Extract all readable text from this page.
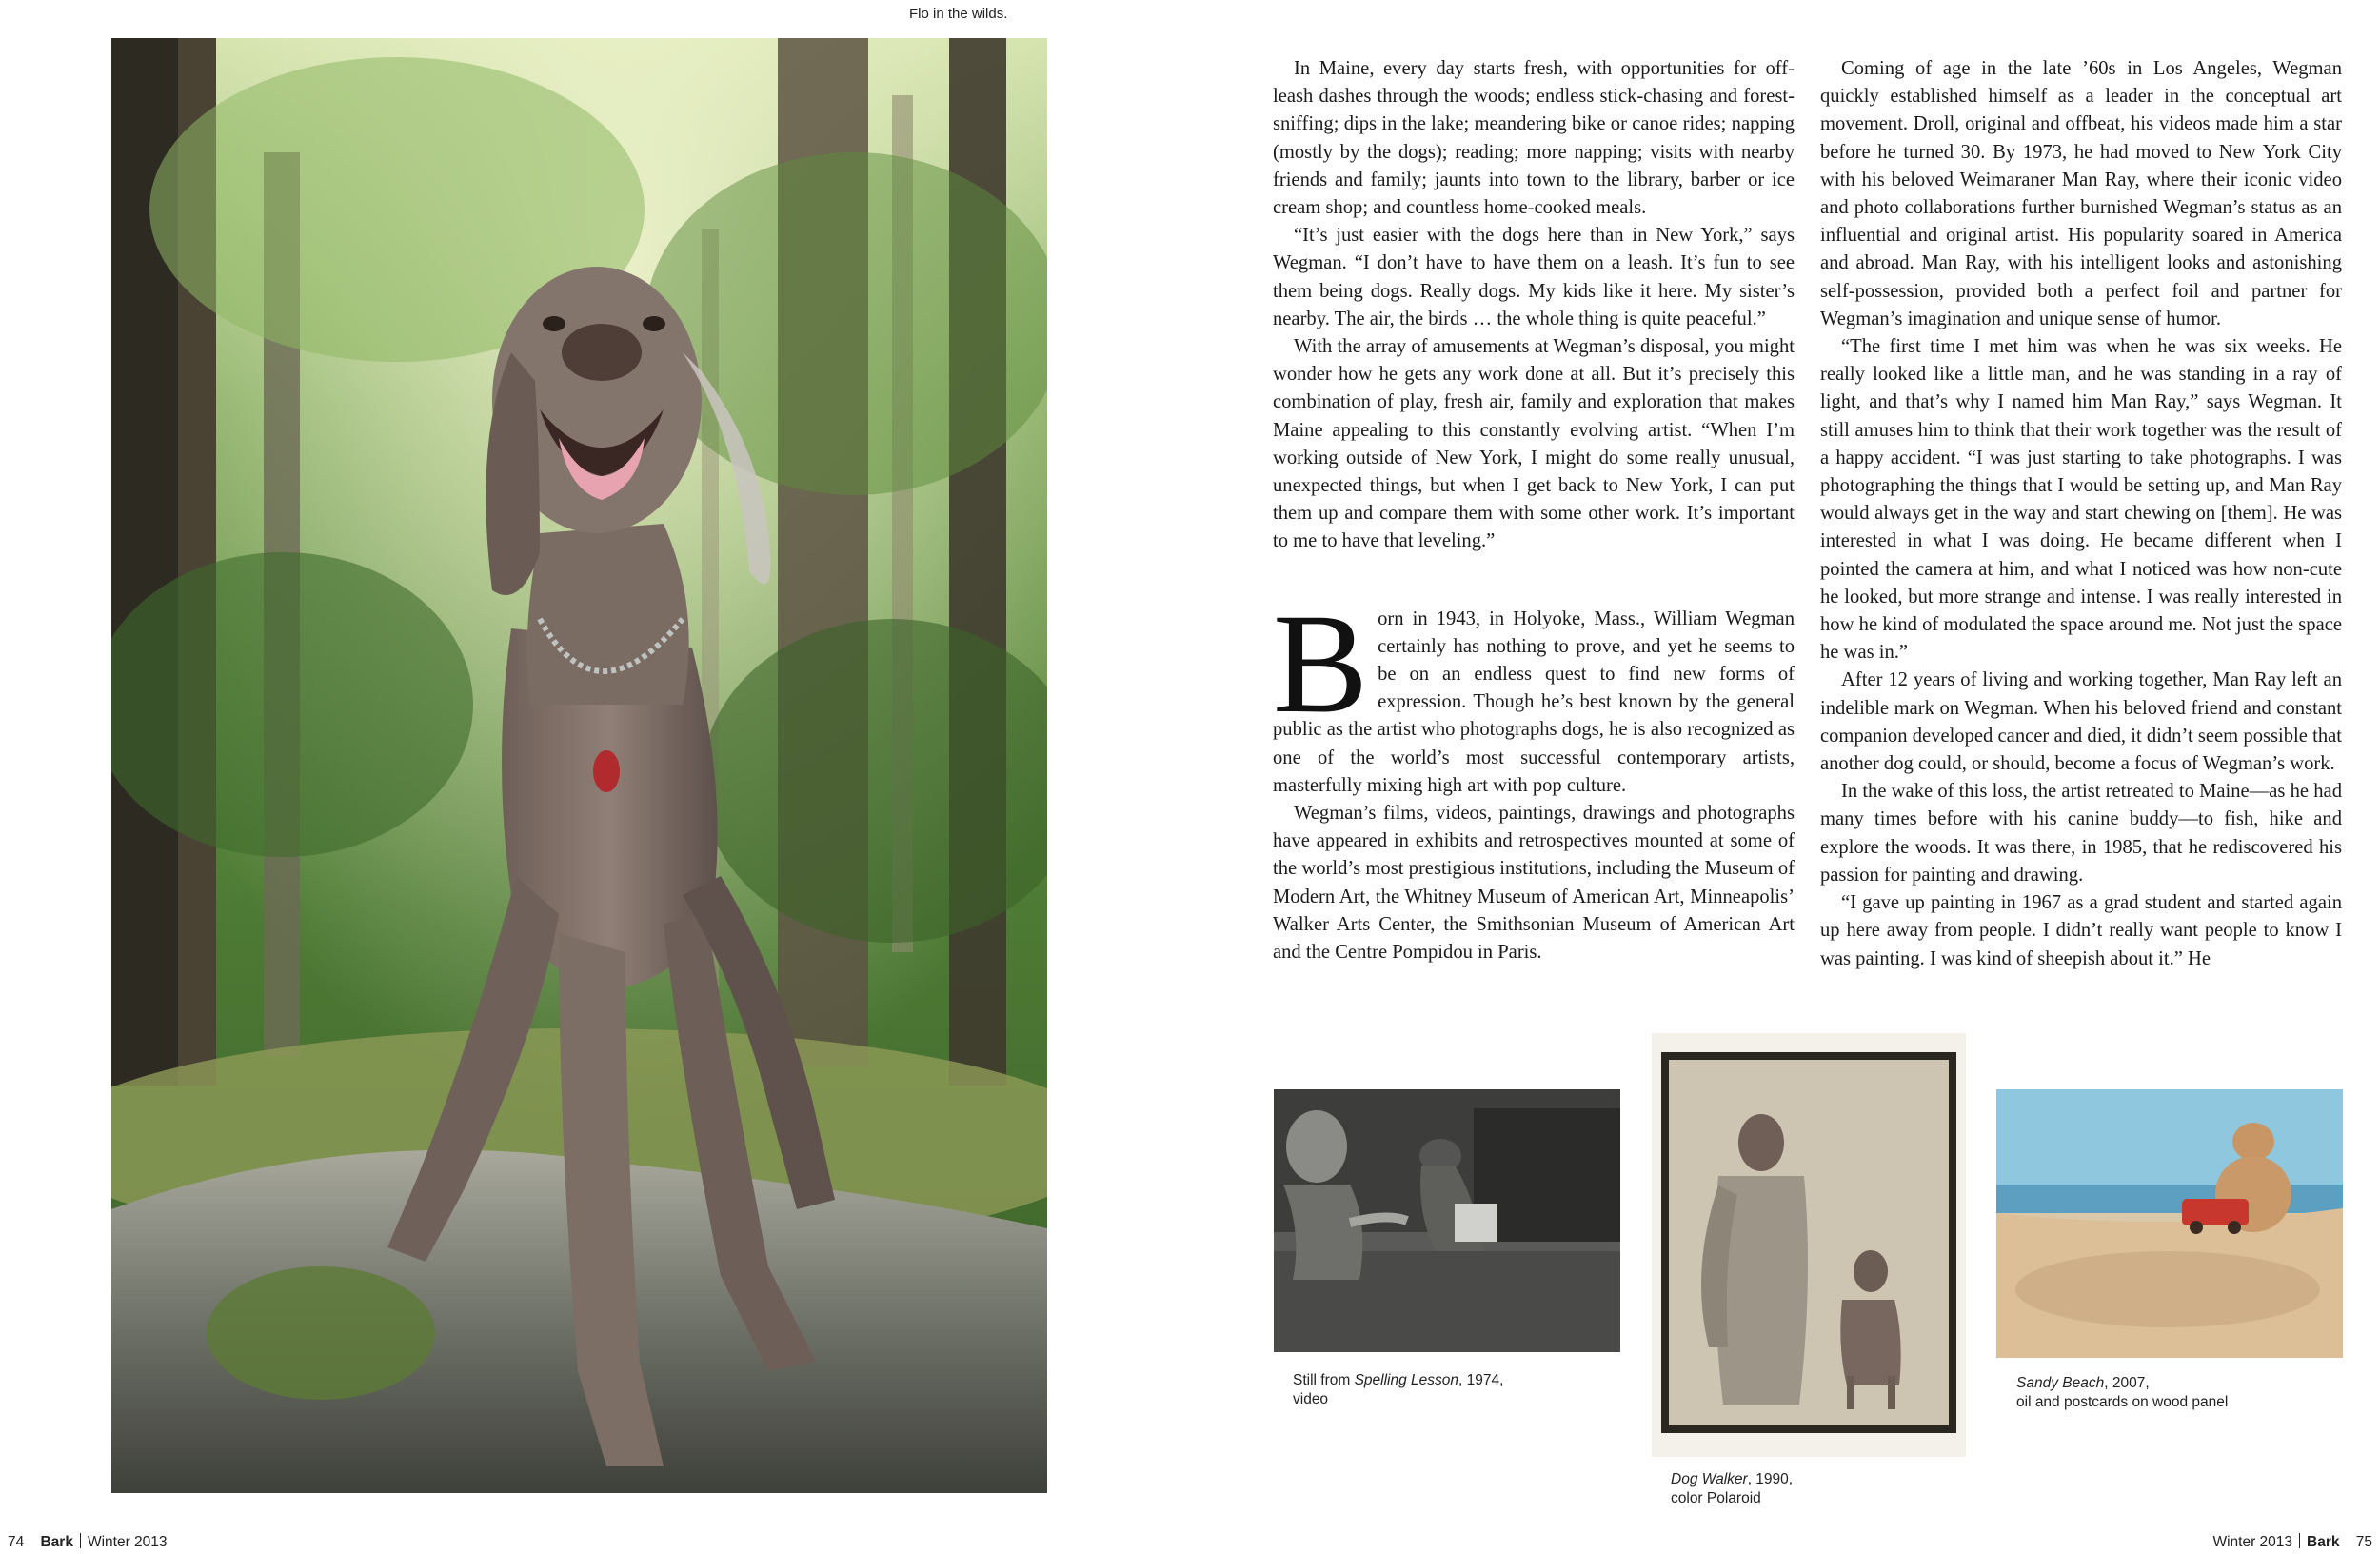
Flo in the wilds.

In Maine, every day starts fresh, with opportunities for off-leash dashes through the woods; endless stick-chasing and forest-sniffing; dips in the lake; meandering bike or canoe rides; napping (mostly by the dogs); reading; more napping; visits with nearby friends and family; jaunts into town to the library, barber or ice cream shop; and countless home-cooked meals.

“It’s just easier with the dogs here than in New York,” says Wegman. “I don’t have to have them on a leash. It’s fun to see them being dogs. Really dogs. My kids like it here. My sister’s nearby. The air, the birds … the whole thing is quite peaceful.”

With the array of amusements at Wegman’s disposal, you might wonder how he gets any work done at all. But it’s precisely this combination of play, fresh air, family and exploration that makes Maine appealing to this constantly evolving artist. “When I’m working outside of New York, I might do some really unusual, unexpected things, but when I get back to New York, I can put them up and compare them with some other work. It’s important to me to have that leveling.”

Born in 1943, in Holyoke, Mass., William Wegman certainly has nothing to prove, and yet he seems to be on an endless quest to find new forms of expression. Though he’s best known by the general public as the artist who photographs dogs, he is also recognized as one of the world’s most successful contemporary artists, masterfully mixing high art with pop culture.

Wegman’s films, videos, paintings, drawings and photographs have appeared in exhibits and retrospectives mounted at some of the world’s most prestigious institutions, including the Museum of Modern Art, the Whitney Museum of American Art, Minneapolis’ Walker Arts Center, the Smithsonian Museum of American Art and the Centre Pompidou in Paris.

Coming of age in the late ’60s in Los Angeles, Wegman quickly established himself as a leader in the conceptual art movement. Droll, original and offbeat, his videos made him a star before he turned 30. By 1973, he had moved to New York City with his beloved Weimaraner Man Ray, where their iconic video and photo collaborations further burnished Wegman’s status as an influential and original artist. His popularity soared in America and abroad. Man Ray, with his intelligent looks and astonishing self-possession, provided both a perfect foil and partner for Wegman’s imagination and unique sense of humor.

“The first time I met him was when he was six weeks. He really looked like a little man, and he was standing in a ray of light, and that’s why I named him Man Ray,” says Wegman. It still amuses him to think that their work together was the result of a happy accident. “I was just starting to take photographs. I was photographing the things that I would be setting up, and Man Ray would always get in the way and start chewing on [them]. He was interested in what I was doing. He became different when I pointed the camera at him, and what I noticed was how non-cute he looked, but more strange and intense. I was really interested in how he kind of modulated the space around me. Not just the space he was in.”

After 12 years of living and working together, Man Ray left an indelible mark on Wegman. When his beloved friend and constant companion developed cancer and died, it didn’t seem possible that another dog could, or should, become a focus of Wegman’s work.

In the wake of this loss, the artist retreated to Maine—as he had many times before with his canine buddy—to fish, hike and explore the woods. It was there, in 1985, that he rediscovered his passion for painting and drawing.

“I gave up painting in 1967 as a grad student and started again up here away from people. I didn’t really want people to know I was painting. I was kind of sheepish about it.” He

Still from Spelling Lesson, 1974,
video
Dog Walker, 1990,
color Polaroid
Sandy Beach, 2007,
oil and postcards on wood panel
74 Bark Winter 2013	Winter 2013 Bark 75
